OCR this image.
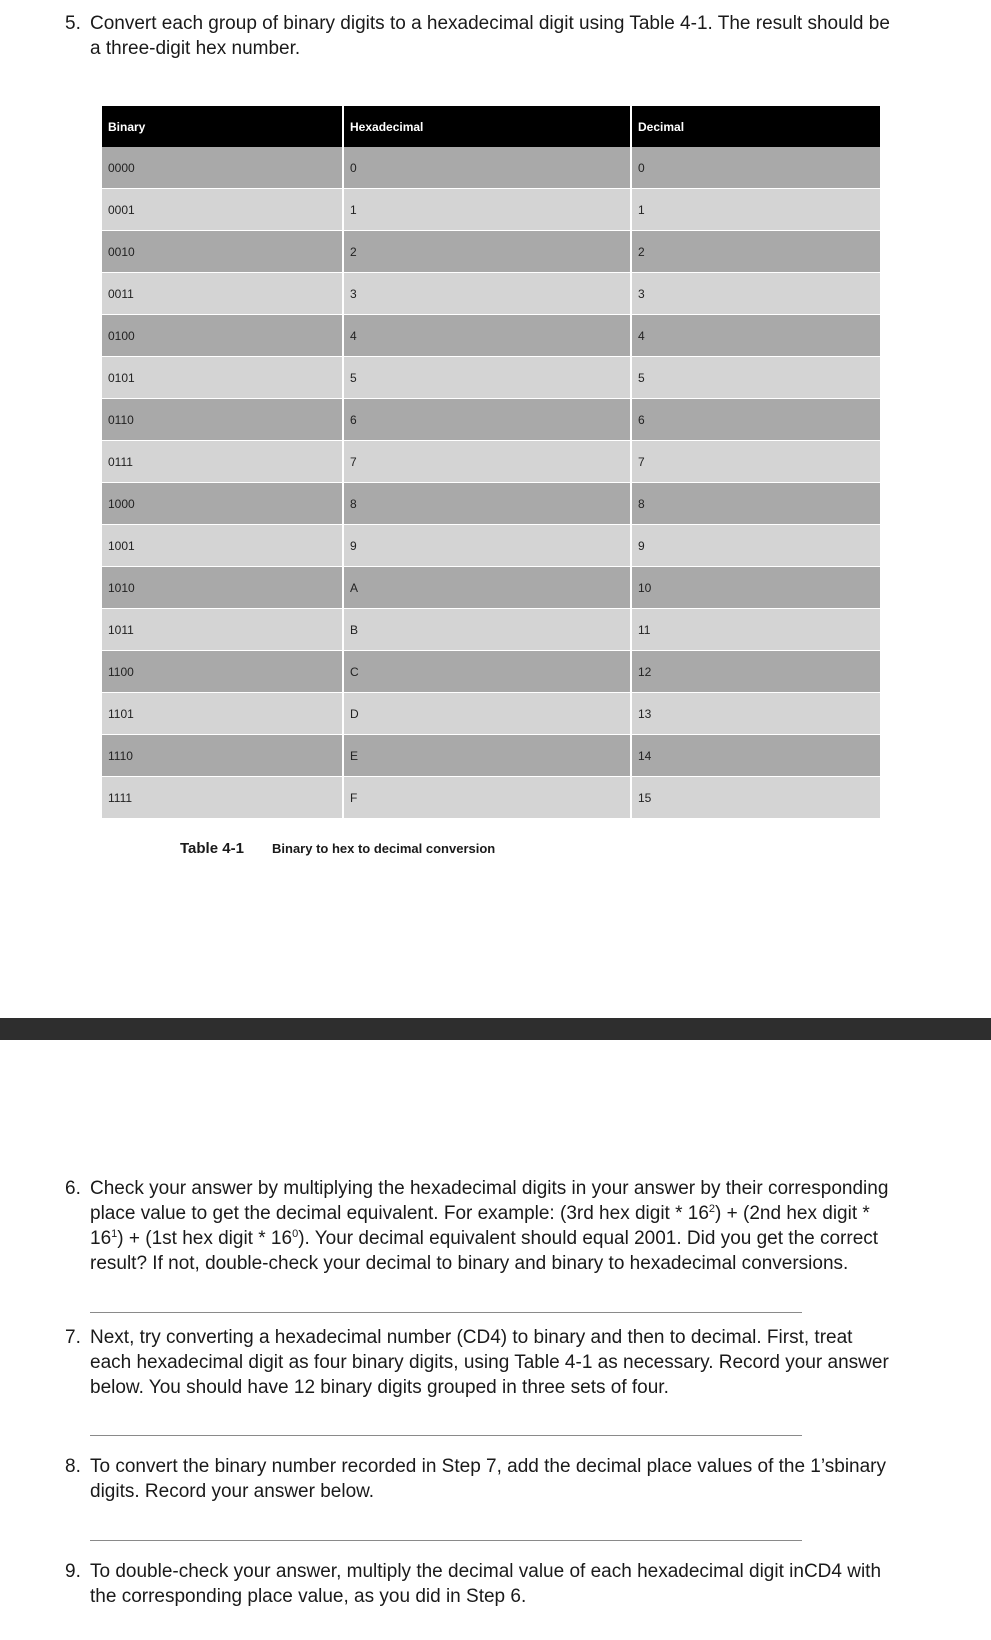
5. Convert each group of binary digits to a hexadecimal digit using Table 4-1. The result should be a three-digit hex number.
Binary	Hexadecimal	Decimal
0000	0	0
0001	1	1
0010	2	2
0011	3	3
0100	4	4
0101	5	5
0110	6	6
0111	7	7
1000	8	8
1001	9	9
1010	A	10
1011	B	11
1100	C	12
1101	D	13
1110	E	14
1111	F	15
Table 4-1 Binary to hex to decimal conversion
6. Check your answer by multiplying the hexadecimal digits in your answer by their corresponding place value to get the decimal equivalent. For example: (3rd hex digit * $16^2) + (2nd$ hex digit * $16^1) + (1st$ hex digit * $16^0$). Your decimal equivalent should equal 2001. Did you get the correct result? If not, double-check your decimal to binary and binary to hexadecimal conversions.
7. Next, try converting a hexadecimal number (CD4) to binary and then to decimal. First, treat each hexadecimal digit as four binary digits, using Table 4-1 as necessary. Record your answer below. You should have 12 binary digits grouped in three sets of four.
8. To convert the binary number recorded in Step 7, add the decimal place values of the 1’sbinary digits. Record your answer below.
9. To double-check your answer, multiply the decimal value of each hexadecimal digit inCD4 with the corresponding place value, as you did in Step 6.
